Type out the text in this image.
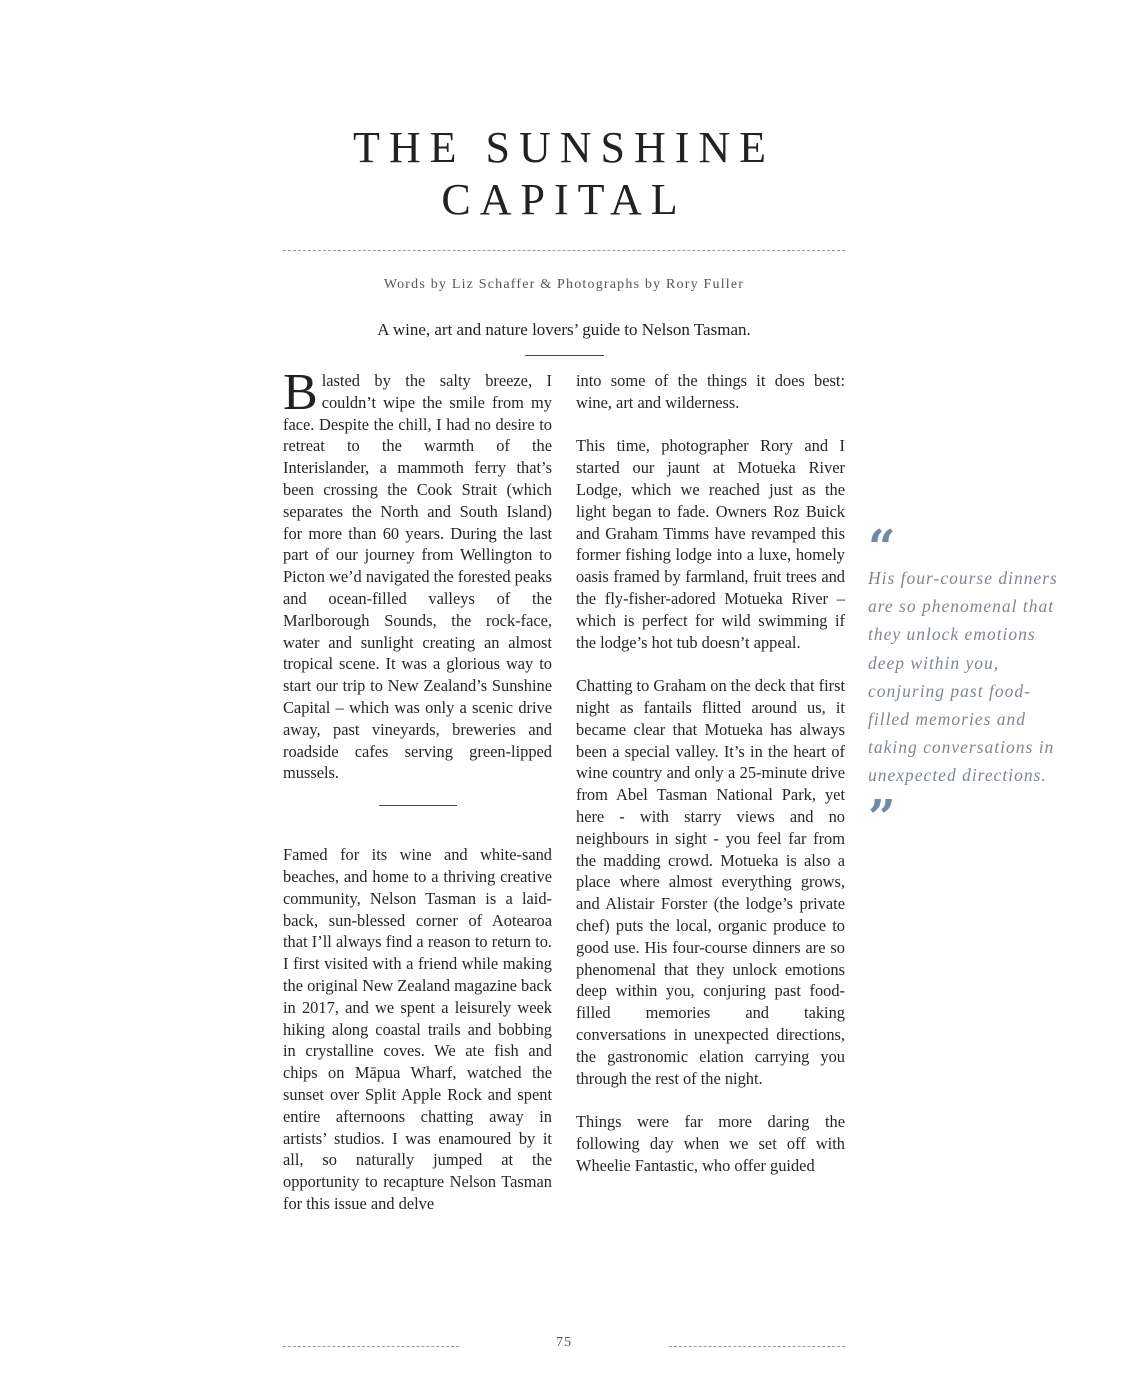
THE SUNSHINE
CAPITAL
Words by Liz Schaffer & Photographs by Rory Fuller
A wine, art and nature lovers’ guide to Nelson Tasman.

Blasted by the salty breeze, I couldn’t wipe the smile from my face. Despite the chill, I had no desire to retreat to the warmth of the Interislander, a mammoth ferry that’s been crossing the Cook Strait (which separates the North and South Island) for more than 60 years. During the last part of our journey from Wellington to Picton we’d navigated the forested peaks and ocean-filled valleys of the Marlborough Sounds, the rock-face, water and sunlight creating an almost tropical scene. It was a glorious way to start our trip to New Zealand’s Sunshine Capital – which was only a scenic drive away, past vineyards, breweries and roadside cafes serving green-lipped mussels.

Famed for its wine and white-sand beaches, and home to a thriving creative community, Nelson Tasman is a laid-back, sun-blessed corner of Aotearoa that I’ll always find a reason to return to. I first visited with a friend while making the original New Zealand magazine back in 2017, and we spent a leisurely week hiking along coastal trails and bobbing in crystalline coves. We ate fish and chips on Māpua Wharf, watched the sunset over Split Apple Rock and spent entire afternoons chatting away in artists’ studios. I was enamoured by it all, so naturally jumped at the opportunity to recapture Nelson Tasman for this issue and delve

into some of the things it does best: wine, art and wilderness.

This time, photographer Rory and I started our jaunt at Motueka River Lodge, which we reached just as the light began to fade. Owners Roz Buick and Graham Timms have revamped this former fishing lodge into a luxe, homely oasis framed by farmland, fruit trees and the fly-fisher-adored Motueka River – which is perfect for wild swimming if the lodge’s hot tub doesn’t appeal.

Chatting to Graham on the deck that first night as fantails flitted around us, it became clear that Motueka has always been a special valley. It’s in the heart of wine country and only a 25-minute drive from Abel Tasman National Park, yet here - with starry views and no neighbours in sight - you feel far from the madding crowd. Motueka is also a place where almost everything grows, and Alistair Forster (the lodge’s private chef) puts the local, organic produce to good use. His four-course dinners are so phenomenal that they unlock emotions deep within you, conjuring past food-filled memories and taking conversations in unexpected directions, the gastronomic elation carrying you through the rest of the night.

Things were far more daring the following day when we set off with Wheelie Fantastic, who offer guided

“

His four-course dinners are so phenomenal that they unlock emotions deep within you, conjuring past food-filled memories and taking conversations in unexpected directions.

”
75
